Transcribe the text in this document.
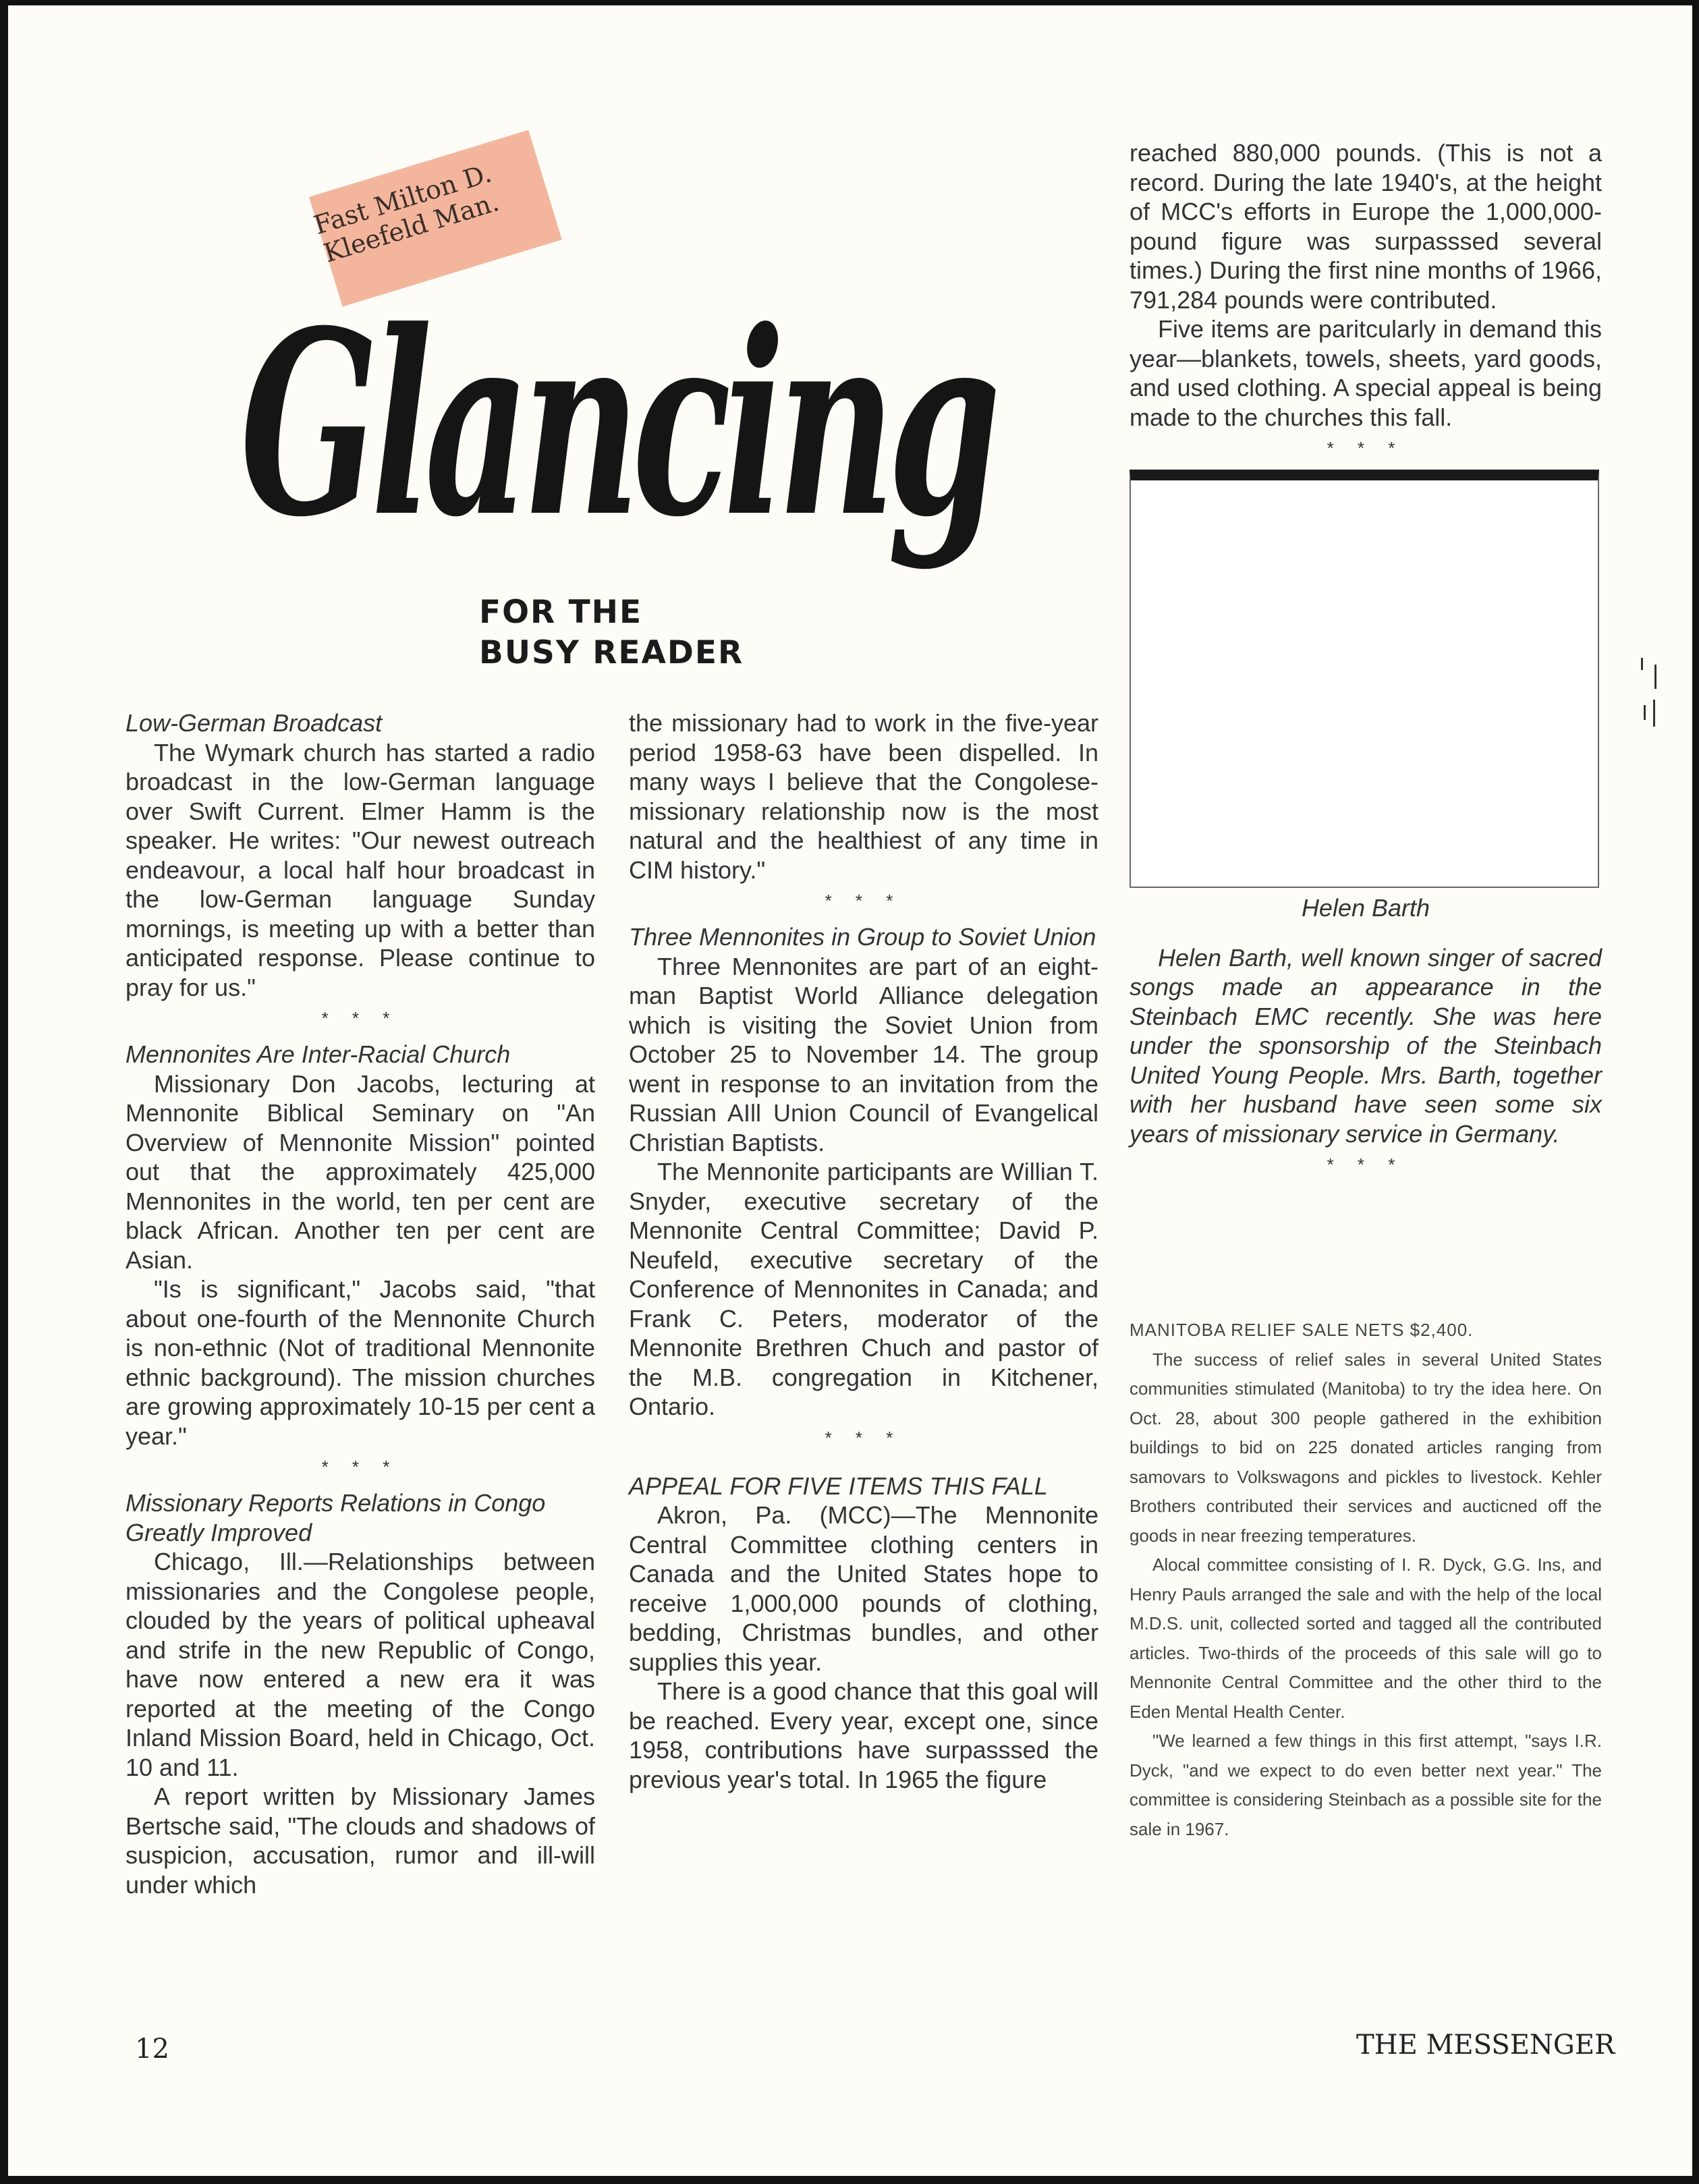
Fast Milton D.
Kleefeld Man.
Glancing
FOR THE
BUSY READER

Low-German Broadcast

The Wymark church has started a radio broadcast in the low-German language over Swift Current. Elmer Hamm is the speaker. He writes: "Our newest outreach endeavour, a local half hour broadcast in the low-German language Sunday mornings, is meeting up with a better than anticipated response. Please continue to pray for us."

* * *

Mennonites Are Inter-Racial Church

Missionary Don Jacobs, lecturing at Mennonite Biblical Seminary on "An Overview of Mennonite Mission" pointed out that the approximately 425,000 Mennonites in the world, ten per cent are black African. Another ten per cent are Asian.

"Is is significant," Jacobs said, "that about one-fourth of the Mennonite Church is non-ethnic (Not of traditional Mennonite ethnic background). The mission churches are growing approximately 10-15 per cent a year."

* * *

Missionary Reports Relations in Congo Greatly Improved

Chicago, Ill.—Relationships between missionaries and the Congolese people, clouded by the years of political upheaval and strife in the new Republic of Congo, have now entered a new era it was reported at the meeting of the Congo Inland Mission Board, held in Chicago, Oct. 10 and 11.

A report written by Missionary James Bertsche said, "The clouds and shadows of suspicion, accusation, rumor and ill-will under which

the missionary had to work in the five-year period 1958-63 have been dispelled. In many ways I believe that the Congolese-missionary relationship now is the most natural and the healthiest of any time in CIM history."

* * *

Three Mennonites in Group to Soviet Union

Three Mennonites are part of an eight-man Baptist World Alliance delegation which is visiting the Soviet Union from October 25 to November 14. The group went in response to an invitation from the Russian AIll Union Council of Evangelical Christian Baptists.

The Mennonite participants are Willian T. Snyder, executive secretary of the Mennonite Central Committee; David P. Neufeld, executive secretary of the Conference of Mennonites in Canada; and Frank C. Peters, moderator of the Mennonite Brethren Chuch and pastor of the M.B. congregation in Kitchener, Ontario.

* * *

APPEAL FOR FIVE ITEMS THIS FALL

Akron, Pa. (MCC)—The Mennonite Central Committee clothing centers in Canada and the United States hope to receive 1,000,000 pounds of clothing, bedding, Christmas bundles, and other supplies this year.

There is a good chance that this goal will be reached. Every year, except one, since 1958, contributions have surpasssed the previous year's total. In 1965 the figure

reached 880,000 pounds. (This is not a record. During the late 1940's, at the height of MCC's efforts in Europe the 1,000,000-pound figure was surpasssed several times.) During the first nine months of 1966, 791,284 pounds were contributed.

Five items are paritcularly in demand this year—blankets, towels, sheets, yard goods, and used clothing. A special appeal is being made to the churches this fall.

* * *

Helen Barth

Helen Barth, well known singer of sacred songs made an appearance in the Steinbach EMC recently. She was here under the sponsorship of the Steinbach United Young People. Mrs. Barth, together with her husband have seen some six years of missionary service in Germany.

* * *

MANITOBA RELIEF SALE NETS $2,400.

The success of relief sales in several United States communities stimulated (Manitoba) to try the idea here. On Oct. 28, about 300 people gathered in the exhibition buildings to bid on 225 donated articles ranging from samovars to Volkswagons and pickles to livestock. Kehler Brothers contributed their services and aucticned off the goods in near freezing temperatures.

Alocal committee consisting of I. R. Dyck, G.G. Ins, and Henry Pauls arranged the sale and with the help of the local M.D.S. unit, collected sorted and tagged all the contributed articles. Two-thirds of the proceeds of this sale will go to Mennonite Central Committee and the other third to the Eden Mental Health Center.

"We learned a few things in this first attempt, "says I.R. Dyck, "and we expect to do even better next year." The committee is considering Steinbach as a possible site for the sale in 1967.

12	THE MESSENGER
